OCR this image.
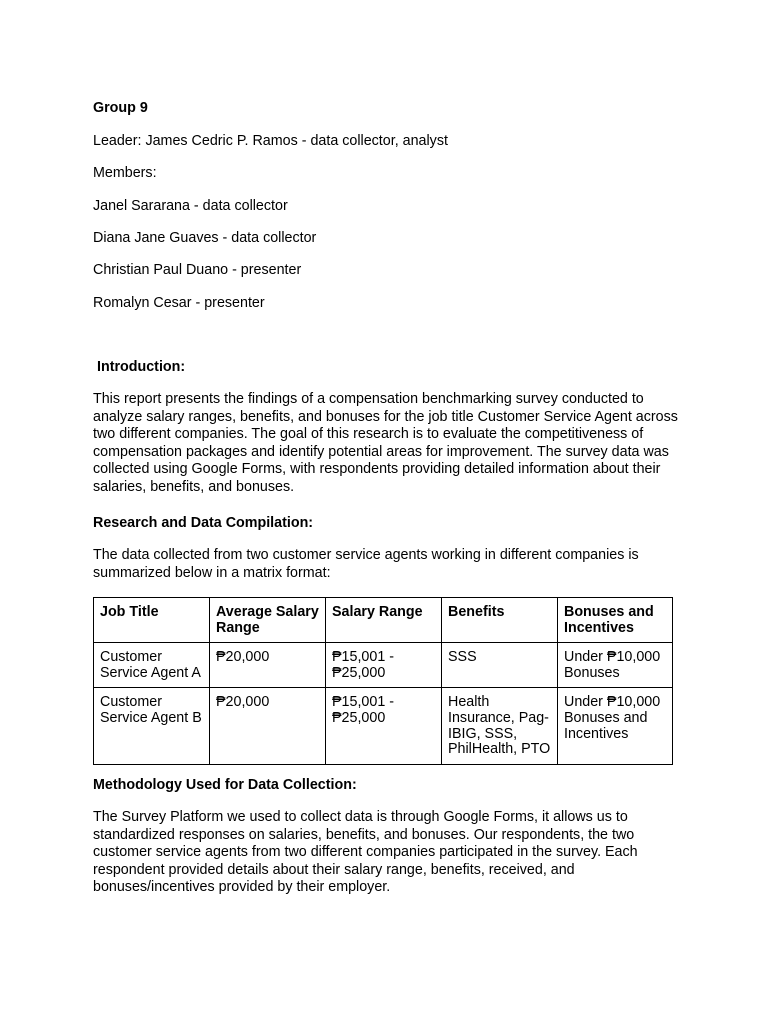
Group 9

Leader: James Cedric P. Ramos - data collector, analyst

Members:

Janel Sararana - data collector

Diana Jane Guaves - data collector

Christian Paul Duano - presenter

Romalyn Cesar - presenter

Introduction:

This report presents the findings of a compensation benchmarking survey conducted to analyze salary ranges, benefits, and bonuses for the job title Customer Service Agent across two different companies. The goal of this research is to evaluate the competitiveness of compensation packages and identify potential areas for improvement. The survey data was collected using Google Forms, with respondents providing detailed information about their salaries, benefits, and bonuses.

Research and Data Compilation:

The data collected from two customer service agents working in different companies is summarized below in a matrix format:

Job Title	Average Salary Range	Salary Range	Benefits	Bonuses and Incentives
Customer Service Agent A	₱20,000	₱15,001 - ₱25,000	SSS	Under ₱10,000 Bonuses
Customer Service Agent B	₱20,000	₱15,001 - ₱25,000	Health Insurance, Pag-IBIG, SSS, PhilHealth, PTO	Under ₱10,000 Bonuses and Incentives

Methodology Used for Data Collection:

The Survey Platform we used to collect data is through Google Forms, it allows us to standardized responses on salaries, benefits, and bonuses. Our respondents, the two customer service agents from two different companies participated in the survey. Each respondent provided details about their salary range, benefits, received, and bonuses/incentives provided by their employer.
